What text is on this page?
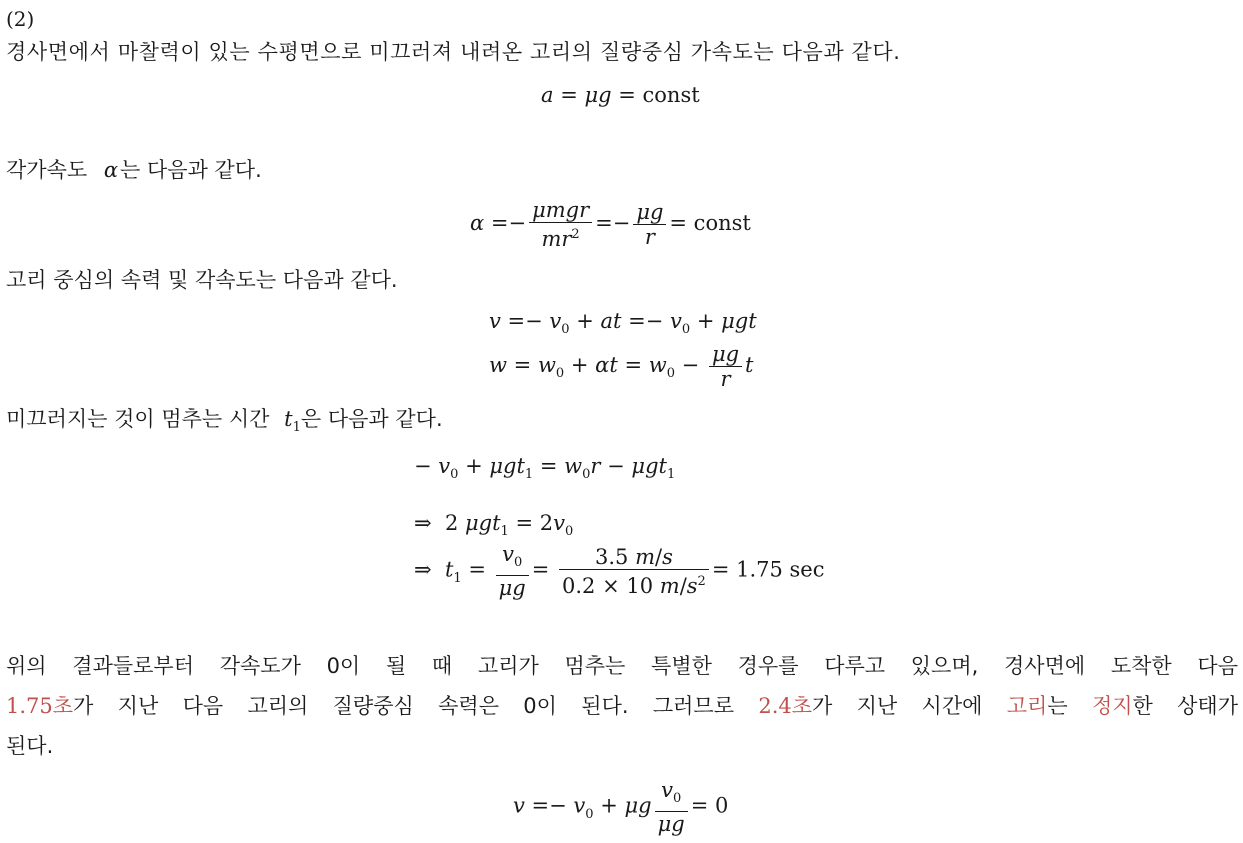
(2)
경사면에서 마찰력이 있는 수평면으로 미끄러져 내려온 고리의 질량중심 가속도는 다음과 같다.
a = μg = const
각가속도 α는 다음과 같다.
$\alpha =- \frac{\text{μmgr}}{mr^2} =- \frac{\mu g}{r}$ = const
고리 중심의 속력 및 각속도는 다음과 같다.
$v =- v_0$ + at =− $v_0 + \mu gt$
$w = w_0 + \alpha t = w_0 - \frac{\mu g}{r}$ t
미끄러지는 것이 멈추는 시간 $t_1$은 다음과 같다.
− $v_0 + \mu gt_1 = w_0r - \mu gt_1$
⇒  2 $\mu gt_1 = 2v_0$
⇒  $t_1 = \frac{v_0}{\mu g} = \frac{3.5 m/s}{0.2 \times 10 m/s^2} = 1.75$ sec
위의 결과들로부터 각속도가 0이 될 때 고리가 멈추는 특별한 경우를 다루고 있으며, 경사면에 도착한 다음
1.75초가 지난 다음 고리의 질량중심 속력은 0이 된다. 그러므로 2.4초가 지난 시간에 고리는 정지한 상태가
된다.
$v =- v_0 + \mu g \frac{v_0}{\mu g} = 0$
